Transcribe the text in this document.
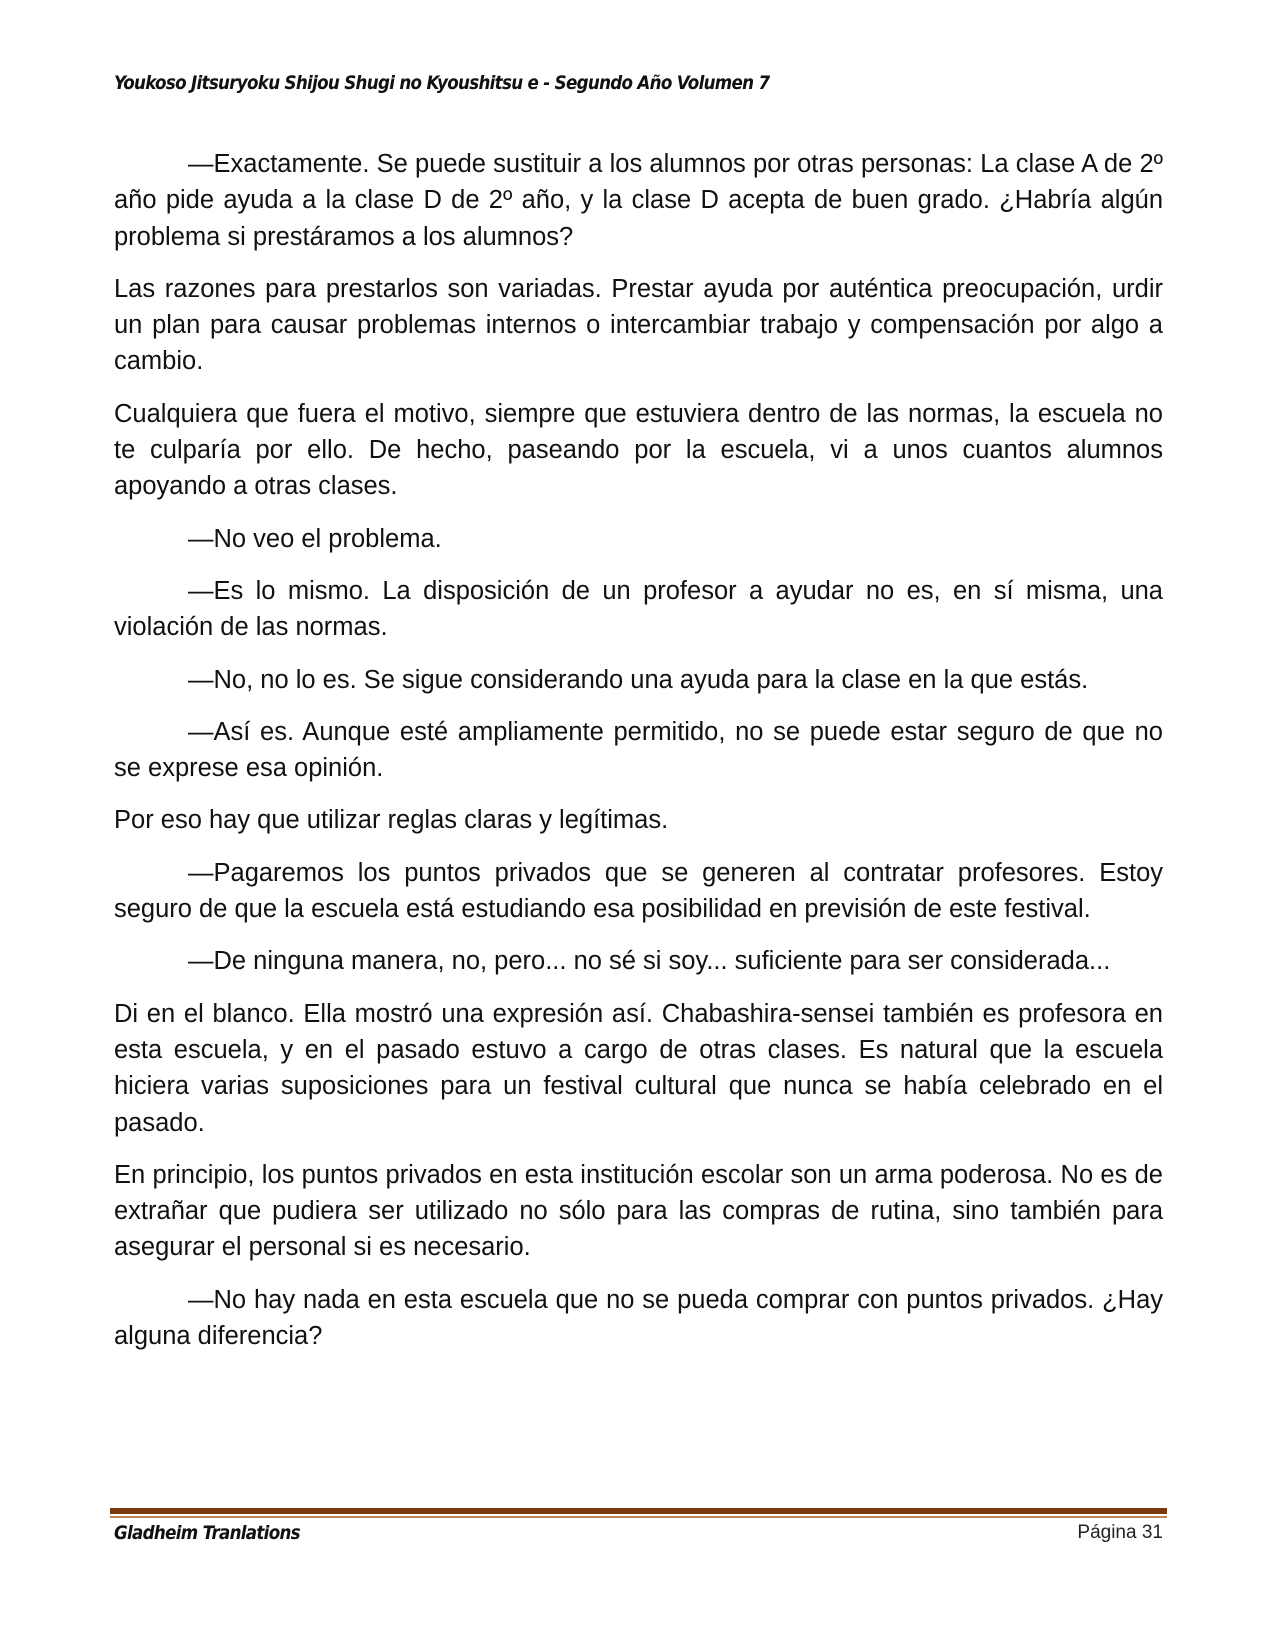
Youkoso Jitsuryoku Shijou Shugi no Kyoushitsu e - Segundo Año Volumen 7

—Exactamente. Se puede sustituir a los alumnos por otras personas: La clase A de 2º año pide ayuda a la clase D de 2º año, y la clase D acepta de buen grado. ¿Habría algún problema si prestáramos a los alumnos?

Las razones para prestarlos son variadas. Prestar ayuda por auténtica preocupación, urdir un plan para causar problemas internos o intercambiar trabajo y compensación por algo a cambio.

Cualquiera que fuera el motivo, siempre que estuviera dentro de las normas, la escuela no te culparía por ello. De hecho, paseando por la escuela, vi a unos cuantos alumnos apoyando a otras clases.

—No veo el problema.

—Es lo mismo. La disposición de un profesor a ayudar no es, en sí misma, una violación de las normas.

—No, no lo es. Se sigue considerando una ayuda para la clase en la que estás.

—Así es. Aunque esté ampliamente permitido, no se puede estar seguro de que no se exprese esa opinión.

Por eso hay que utilizar reglas claras y legítimas.

—Pagaremos los puntos privados que se generen al contratar profesores. Estoy seguro de que la escuela está estudiando esa posibilidad en previsión de este festival.

—De ninguna manera, no, pero... no sé si soy... suficiente para ser considerada...

Di en el blanco. Ella mostró una expresión así. Chabashira-sensei también es profesora en esta escuela, y en el pasado estuvo a cargo de otras clases. Es natural que la escuela hiciera varias suposiciones para un festival cultural que nunca se había celebrado en el pasado.

En principio, los puntos privados en esta institución escolar son un arma poderosa. No es de extrañar que pudiera ser utilizado no sólo para las compras de rutina, sino también para asegurar el personal si es necesario.

—No hay nada en esta escuela que no se pueda comprar con puntos privados. ¿Hay alguna diferencia?

Gladheim Tranlations	Página 31
